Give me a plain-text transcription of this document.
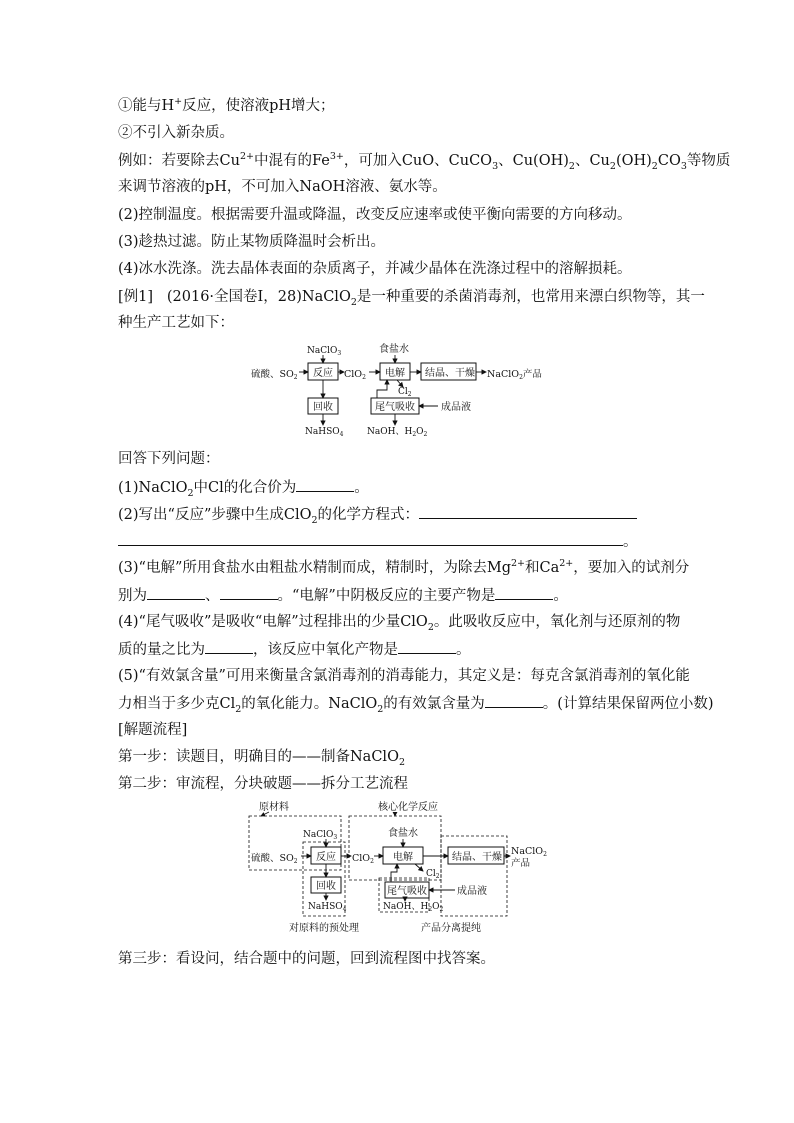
①能与H+反应，使溶液pH增大；
②不引入新杂质。
例如：若要除去$Cu^{2+}$中混有的$Fe^{3+}$，可加入CuO、CuCO$_3$、$Cu(OH)_2$、$Cu_2(OH)_2CO_3$等物质
来调节溶液的pH，不可加入NaOH溶液、氨水等。
(2)控制温度。根据需要升温或降温，改变反应速率或使平衡向需要的方向移动。
(3)趁热过滤。防止某物质降温时会析出。
(4)冰水洗涤。洗去晶体表面的杂质离子，并减少晶体在洗涤过程中的溶解损耗。
[例1] (2016·全国卷Ⅰ，28)NaClO$_2$是一种重要的杀菌消毒剂，也常用来漂白织物等，其一
种生产工艺如下：
NaClO$_3$	食盐水
硫酸、$SO_2$ 反应 ClO$_2$ 电解 结晶、干燥 NaClO$_2$产品
$Cl_2$
回收	尾气吸收	成品液
NaHSO$_4$	NaOH、$H_2O_2$
回答下列问题：
(1)NaClO$_2$中Cl的化合价为	。
(2)写出“反应”步骤中生成ClO$_2$的化学方程式：
。
(3)“电解”所用食盐水由粗盐水精制而成，精制时，为除去$Mg^{2+}$和$Ca^{2+}$，要加入的试剂分
别为	、	。“电解”中阴极反应的主要产物是	。
(4)“尾气吸收”是吸收“电解”过程排出的少量ClO$_2$。此吸收反应中，氧化剂与还原剂的物
质的量之比为	，该反应中氧化产物是	。
(5)“有效氯含量”可用来衡量含氯消毒剂的消毒能力，其定义是：每克含氯消毒剂的氧化能
力相当于多少克$Cl_2$的氧化能力。NaClO$_2$的有效氯含量为	。(计算结果保留两位小数)
[解题流程]
第一步：读题目，明确目的——制备NaClO$_2$
第二步：审流程，分块破题——拆分工艺流程
原材料	核心化学反应
NaClO$_3$	食盐水
硫酸、$SO_2$ 反应 ClO$_2$ 电解	结晶、干燥
NaClO$_2$
产品
$Cl_2$
回收	尾气吸收	成品液
NaHSO$_4$	NaOH、$H_2O_2$
对原料的预处理	产品分离提纯
第三步：看设问，结合题中的问题，回到流程图中找答案。
